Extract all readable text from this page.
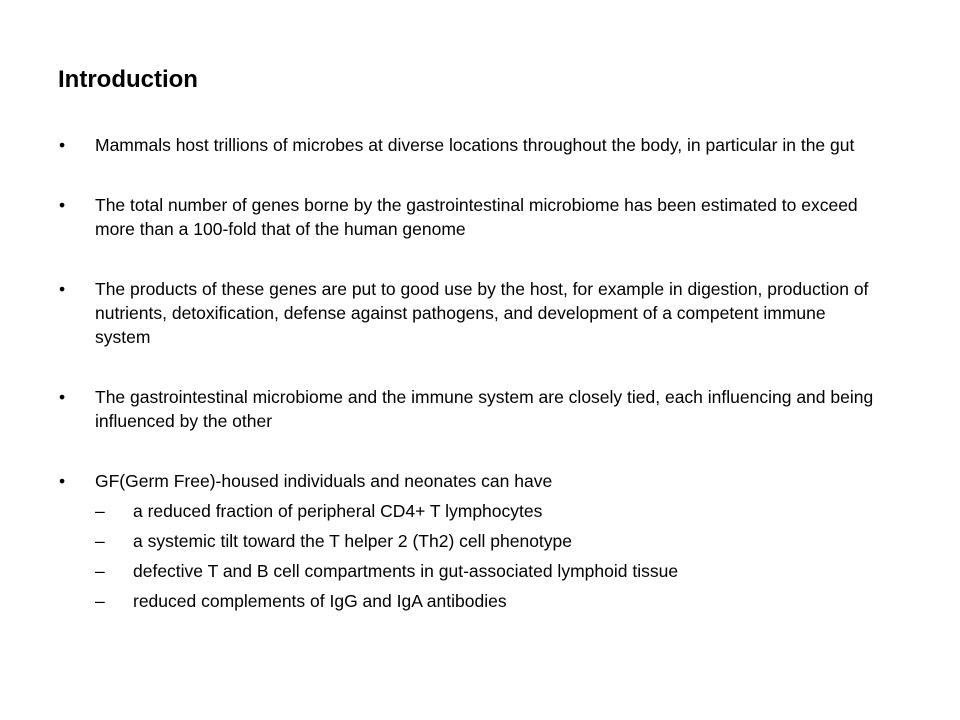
Introduction
•	Mammals host trillions of microbes at diverse locations throughout the body, in particular in the gut
•	The total number of genes borne by the gastrointestinal microbiome has been estimated to exceed more than a 100-fold that of the human genome
•	The products of these genes are put to good use by the host, for example in digestion, production of nutrients, detoxification, defense against pathogens, and development of a competent immune system
•	The gastrointestinal microbiome and the immune system are closely tied, each influencing and being influenced by the other
•	GF(Germ Free)-housed individuals and neonates can have
–	a reduced fraction of peripheral CD4+ T lymphocytes
–	a systemic tilt toward the T helper 2 (Th2) cell phenotype
–	defective T and B cell compartments in gut-associated lymphoid tissue
–	reduced complements of IgG and IgA antibodies
